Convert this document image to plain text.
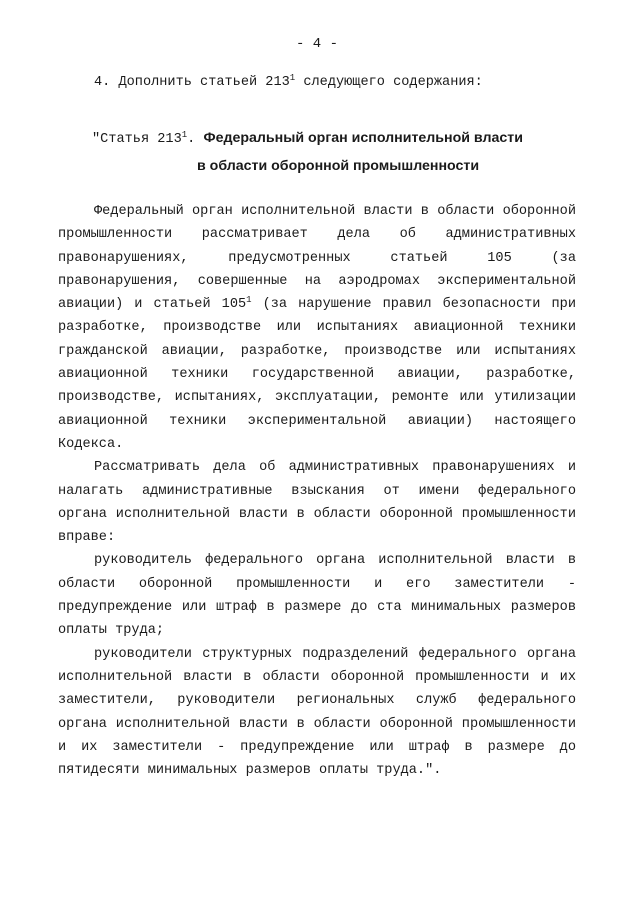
- 4 -
4. Дополнить статьей $213^1$ следующего содержания:
"Статья $213^1$. Федеральный орган исполнительной власти
в области оборонной промышленности

Федеральный орган исполнительной власти в области оборонной промышленности рассматривает дела об административных правонарушениях, предусмотренных статьей 105 (за правонарушения, совершенные на аэродромах экспериментальной авиации) и статьей $105^1$ (за нарушение правил безопасности при разработке, производстве или испытаниях авиационной техники гражданской авиации, разработке, производстве или испытаниях авиационной техники государственной авиации, разработке, производстве, испытаниях, эксплуатации, ремонте или утилизации авиационной техники экспериментальной авиации) настоящего Кодекса.

Рассматривать дела об административных правонарушениях и налагать административные взыскания от имени федерального органа исполнительной власти в области оборонной промышленности вправе:

руководитель федерального органа исполнительной власти в области оборонной промышленности и его заместители - предупреждение или штраф в размере до ста минимальных размеров оплаты труда;

руководители структурных подразделений федерального органа исполнительной власти в области оборонной промышленности и их заместители, руководители региональных служб федерального органа исполнительной власти в области оборонной промышленности и их заместители - предупреждение или штраф в размере до пятидесяти минимальных размеров оплаты труда.".
